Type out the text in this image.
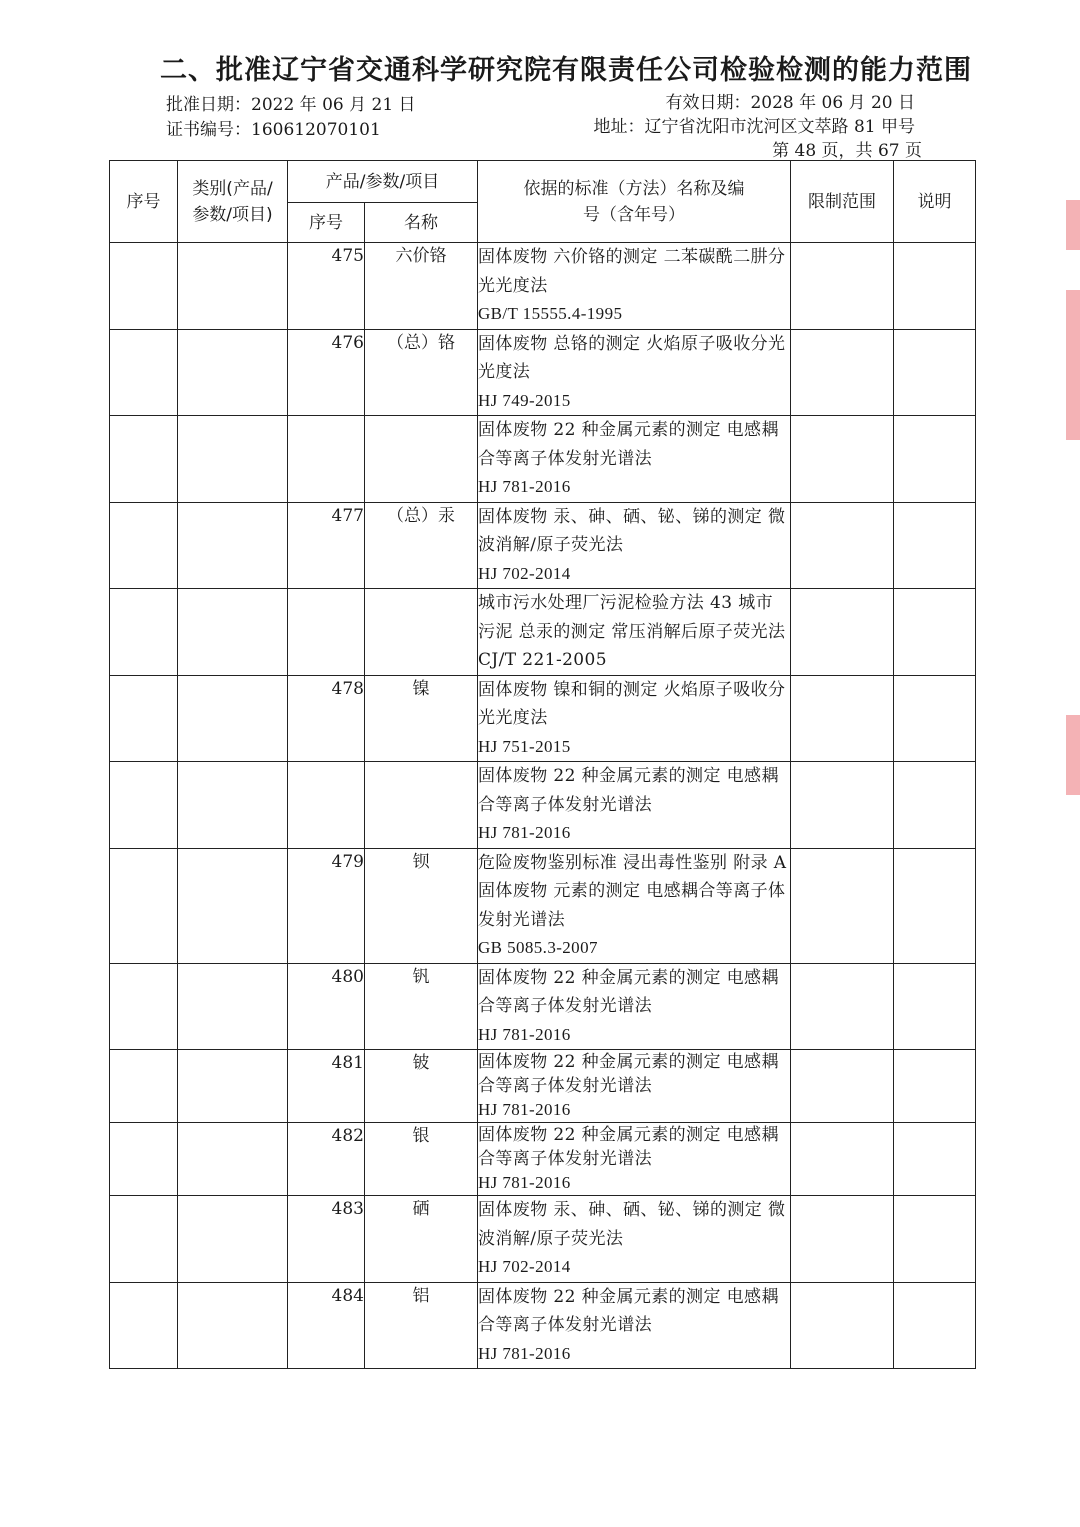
二、批准辽宁省交通科学研究院有限责任公司检验检测的能力范围
批准日期：2022 年 06 月 21 日
证书编号：160612070101
有效日期：2028 年 06 月 20 日
地址：辽宁省沈阳市沈河区文萃路 81 甲号
第 48 页，共 67 页
序号	类别(产品/参数/项目)	产品/参数/项目		依据的标准（方法）名称及编号（含年号）	限制范围	说明
		序号	名称			
		475	六价铬	固体废物 六价铬的测定 二苯碳酰二肼分光光度法
GB/T 15555.4-1995		
		476	（总）铬	固体废物 总铬的测定 火焰原子吸收分光光度法
HJ 749-2015		
				固体废物 22 种金属元素的测定 电感耦合等离子体发射光谱法
HJ 781-2016		
		477	（总）汞	固体废物 汞、砷、硒、铋、锑的测定 微波消解/原子荧光法
HJ 702-2014		
				城市污水处理厂污泥检验方法 43 城市污泥 总汞的测定 常压消解后原子荧光法 CJ/T 221-2005		
		478	镍	固体废物 镍和铜的测定 火焰原子吸收分光光度法
HJ 751-2015		
				固体废物 22 种金属元素的测定 电感耦合等离子体发射光谱法
HJ 781-2016		
		479	钡	危险废物鉴别标准 浸出毒性鉴别 附录 A 固体废物 元素的测定 电感耦合等离子体发射光谱法
GB 5085.3-2007		
		480	钒	固体废物 22 种金属元素的测定 电感耦合等离子体发射光谱法
HJ 781-2016		
		481	铍	固体废物 22 种金属元素的测定 电感耦合等离子体发射光谱法
HJ 781-2016		
		482	银	固体废物 22 种金属元素的测定 电感耦合等离子体发射光谱法
HJ 781-2016		
		483	硒	固体废物 汞、砷、硒、铋、锑的测定 微波消解/原子荧光法
HJ 702-2014		
		484	铝	固体废物 22 种金属元素的测定 电感耦合等离子体发射光谱法
HJ 781-2016		
